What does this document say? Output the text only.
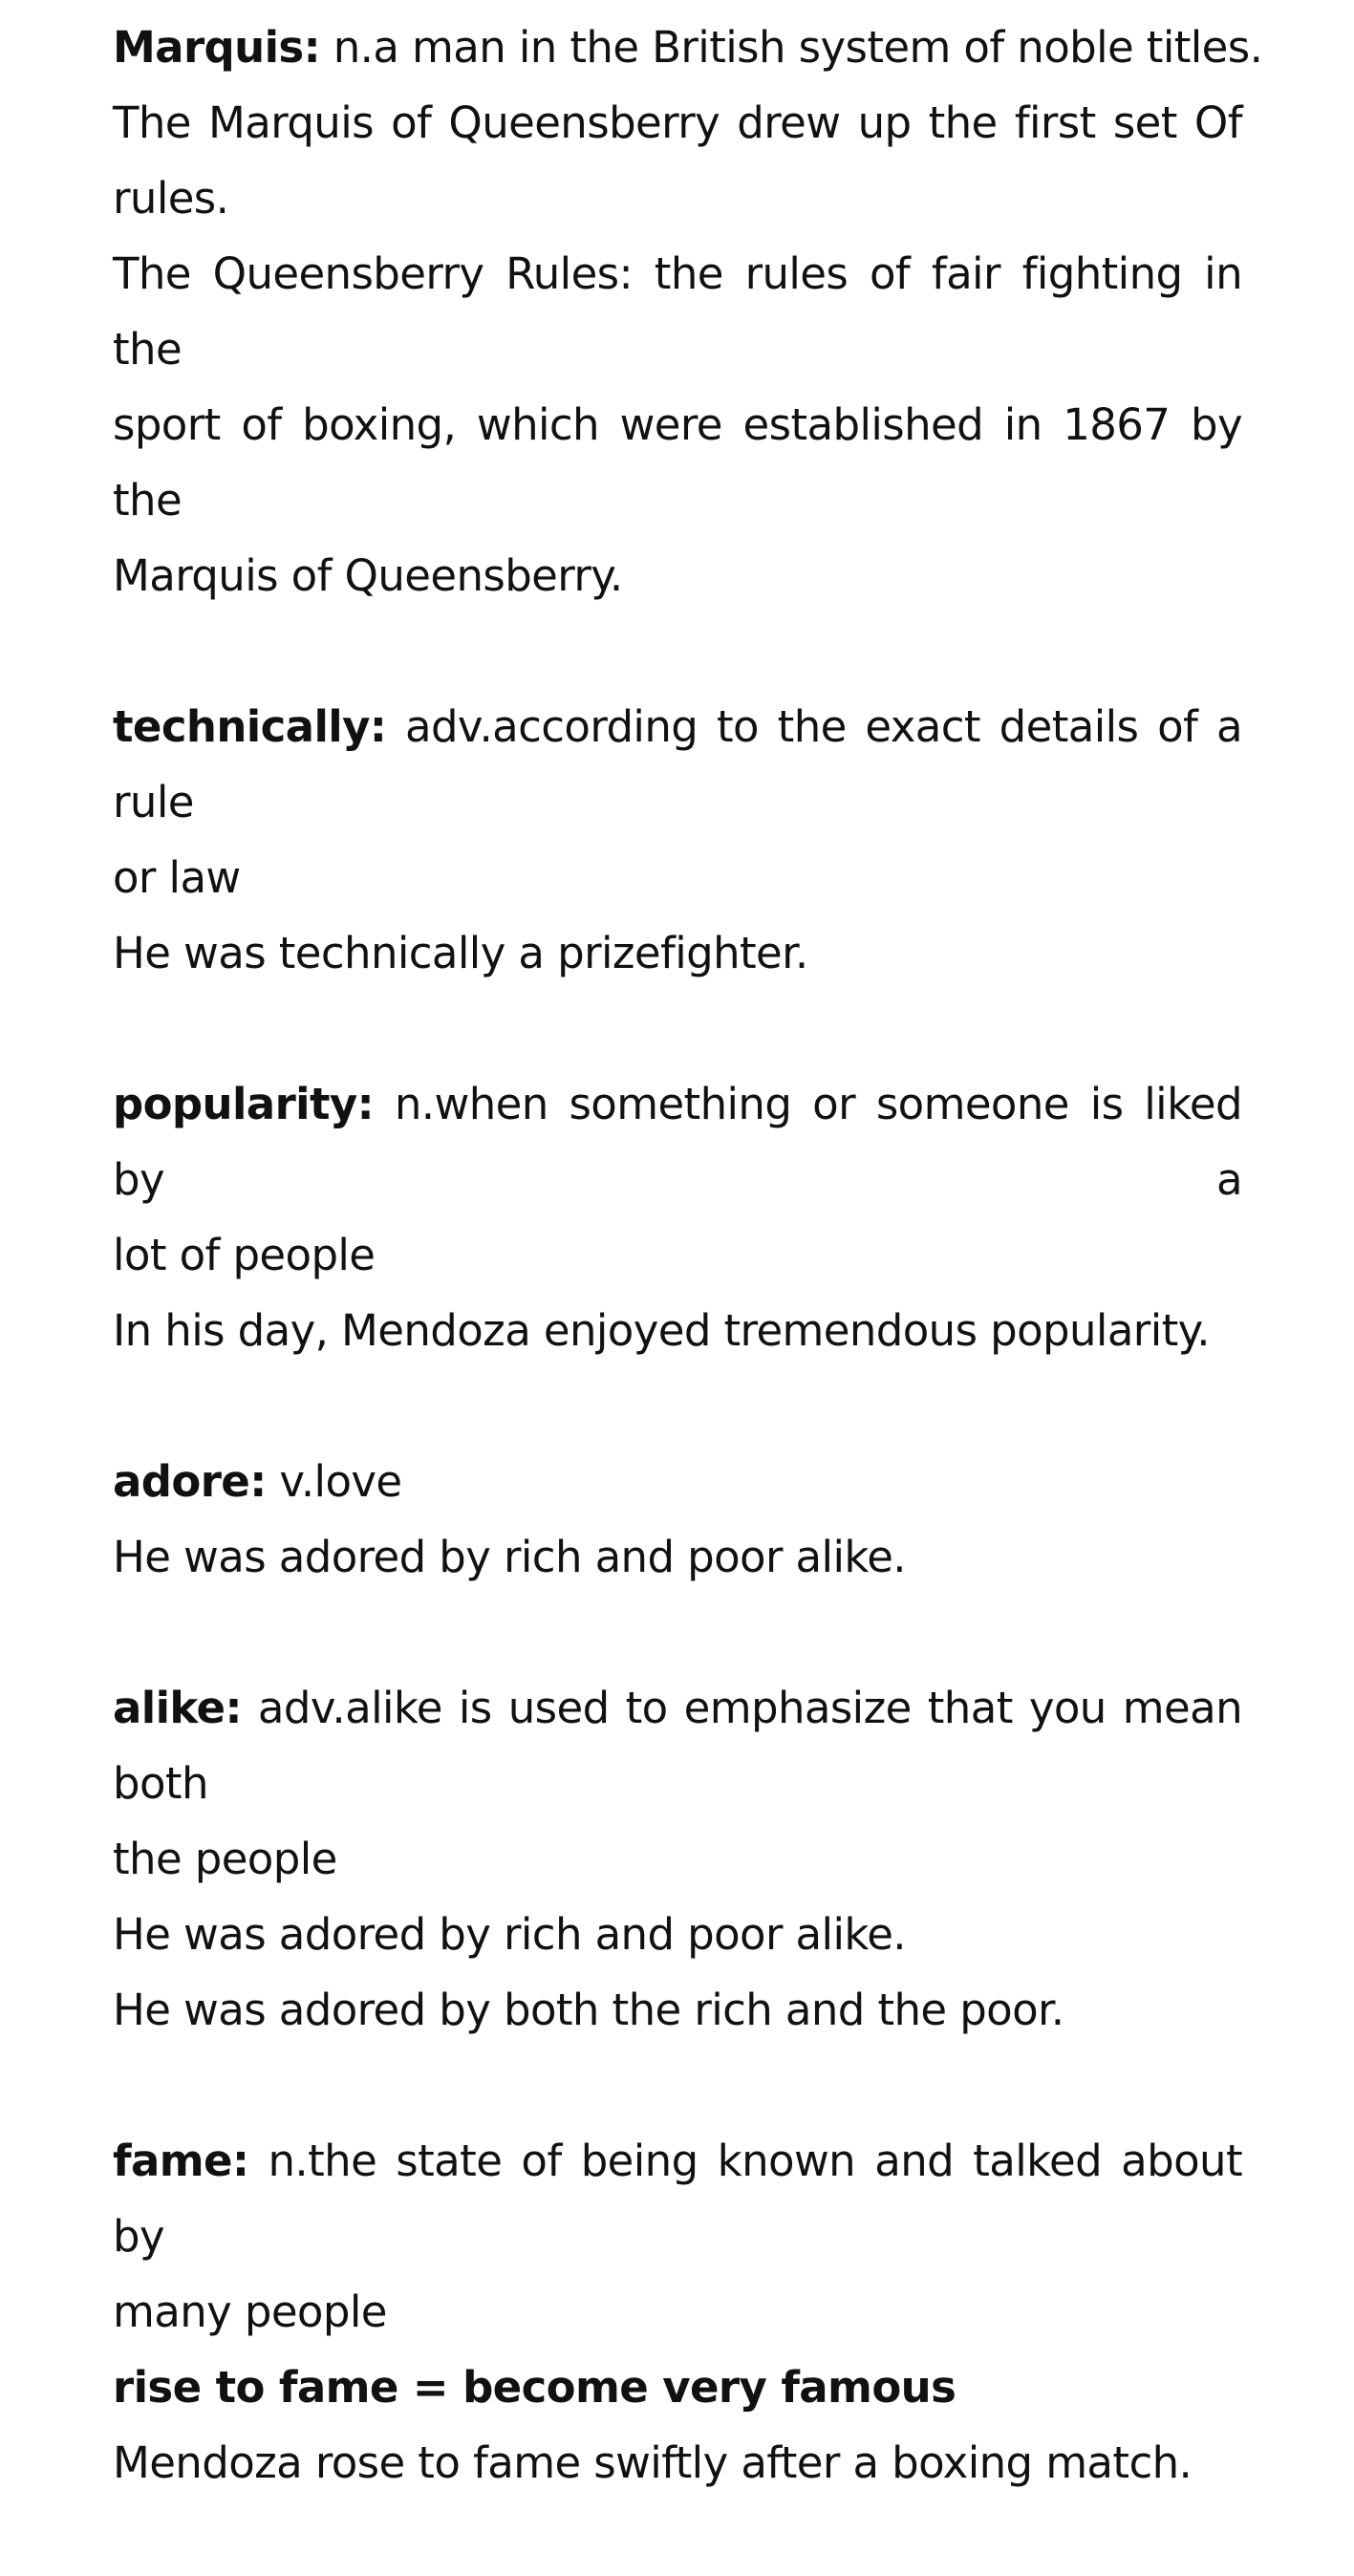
Marquis: n.a man in the British system of noble titles.

The Marquis of Queensberry drew up the first set Of

rules.

The Queensberry Rules: the rules of fair fighting in the

sport of boxing, which were established in 1867 by the

Marquis of Queensberry.

technically: adv.according to the exact details of a rule

or law

He was technically a prizefighter.

popularity: n.when something or someone is liked by a

lot of people

In his day, Mendoza enjoyed tremendous popularity.

adore: v.love

He was adored by rich and poor alike.

alike: adv.alike is used to emphasize that you mean both

the people

He was adored by rich and poor alike.

He was adored by both the rich and the poor.

fame: n.the state of being known and talked about by

many people

rise to fame = become very famous

Mendoza rose to fame swiftly after a boxing match.
